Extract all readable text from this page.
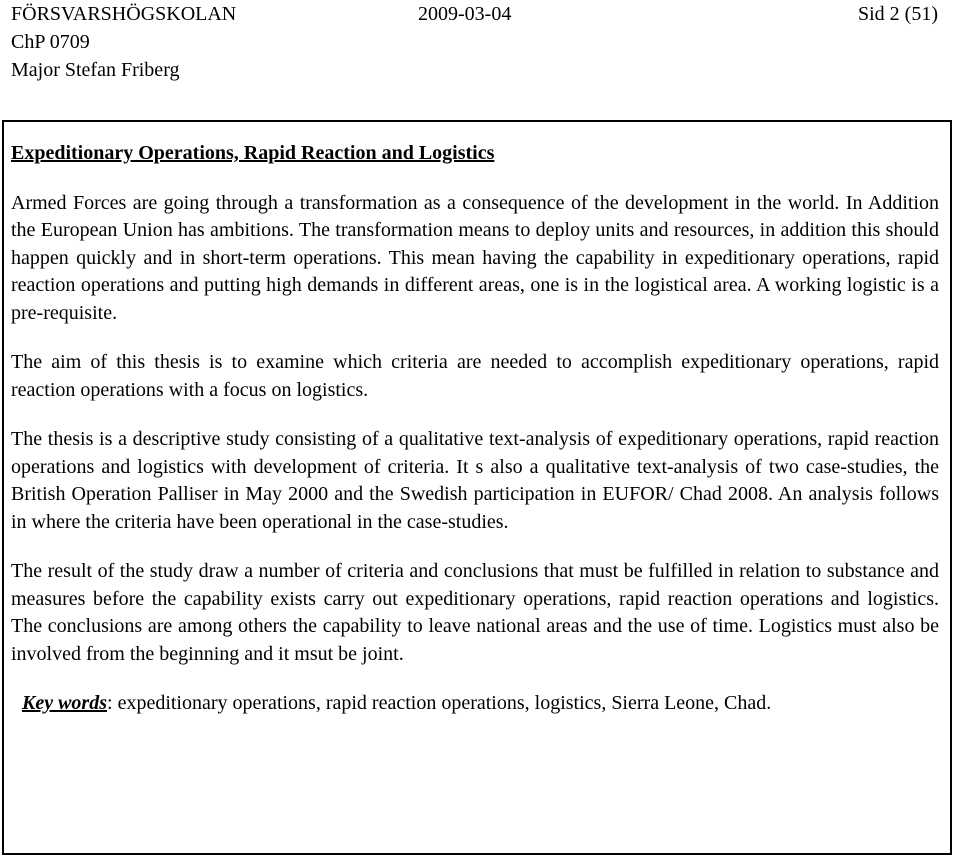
FÖRSVARSHÖGSKOLAN	2009-03-04	Sid 2 (51)
ChP 0709
Major Stefan Friberg

Expeditionary Operations, Rapid Reaction and Logistics

Armed Forces are going through a transformation as a consequence of the development in the world. In Addition the European Union has ambitions. The transformation means to deploy units and resources, in addition this should happen quickly and in short-term operations. This mean having the capability in expeditionary operations, rapid reaction operations and putting high demands in different areas, one is in the logistical area. A working logistic is a pre-requisite.

The aim of this thesis is to examine which criteria are needed to accomplish expeditionary operations, rapid reaction operations with a focus on logistics.

The thesis is a descriptive study consisting of a qualitative text-analysis of expeditionary operations, rapid reaction operations and logistics with development of criteria. It s also a qualitative text-analysis of two case-studies, the British Operation Palliser in May 2000 and the Swedish participation in EUFOR/ Chad 2008. An analysis follows in where the criteria have been operational in the case-studies.

The result of the study draw a number of criteria and conclusions that must be fulfilled in relation to substance and measures before the capability exists carry out expeditionary operations, rapid reaction operations and logistics. The conclusions are among others the capability to leave national areas and the use of time. Logistics must also be involved from the beginning and it msut be joint.

Key words: expeditionary operations, rapid reaction operations, logistics, Sierra Leone, Chad.
